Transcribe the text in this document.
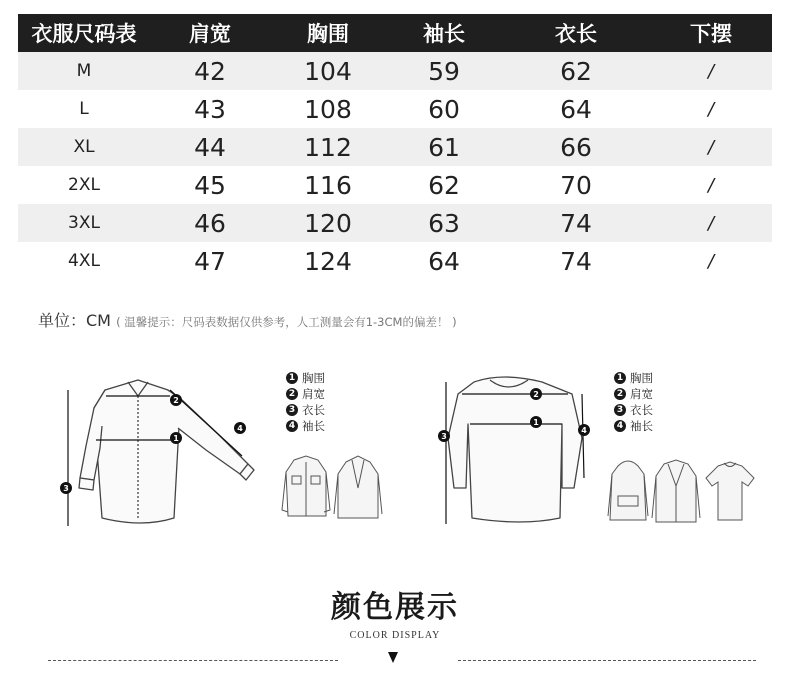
衣服尺码表	肩宽	胸围	袖长	衣长	下摆
M	42	104	59	62	/
L	43	108	60	64	/
XL	44	112	61	66	/
2XL	45	116	62	70	/
3XL	46	120	63	74	/
4XL	47	124	64	74	/
单位：CM ( 温馨提示：尺码表数据仅供参考，人工测量会有1-3CM的偏差！ )
1
2
3
4
1 胸围
2 肩宽
3 衣长
4 袖长	1
2
3
4
1 胸围
2 肩宽
3 衣长
4 袖长
颜色展示
COLOR DISPLAY
